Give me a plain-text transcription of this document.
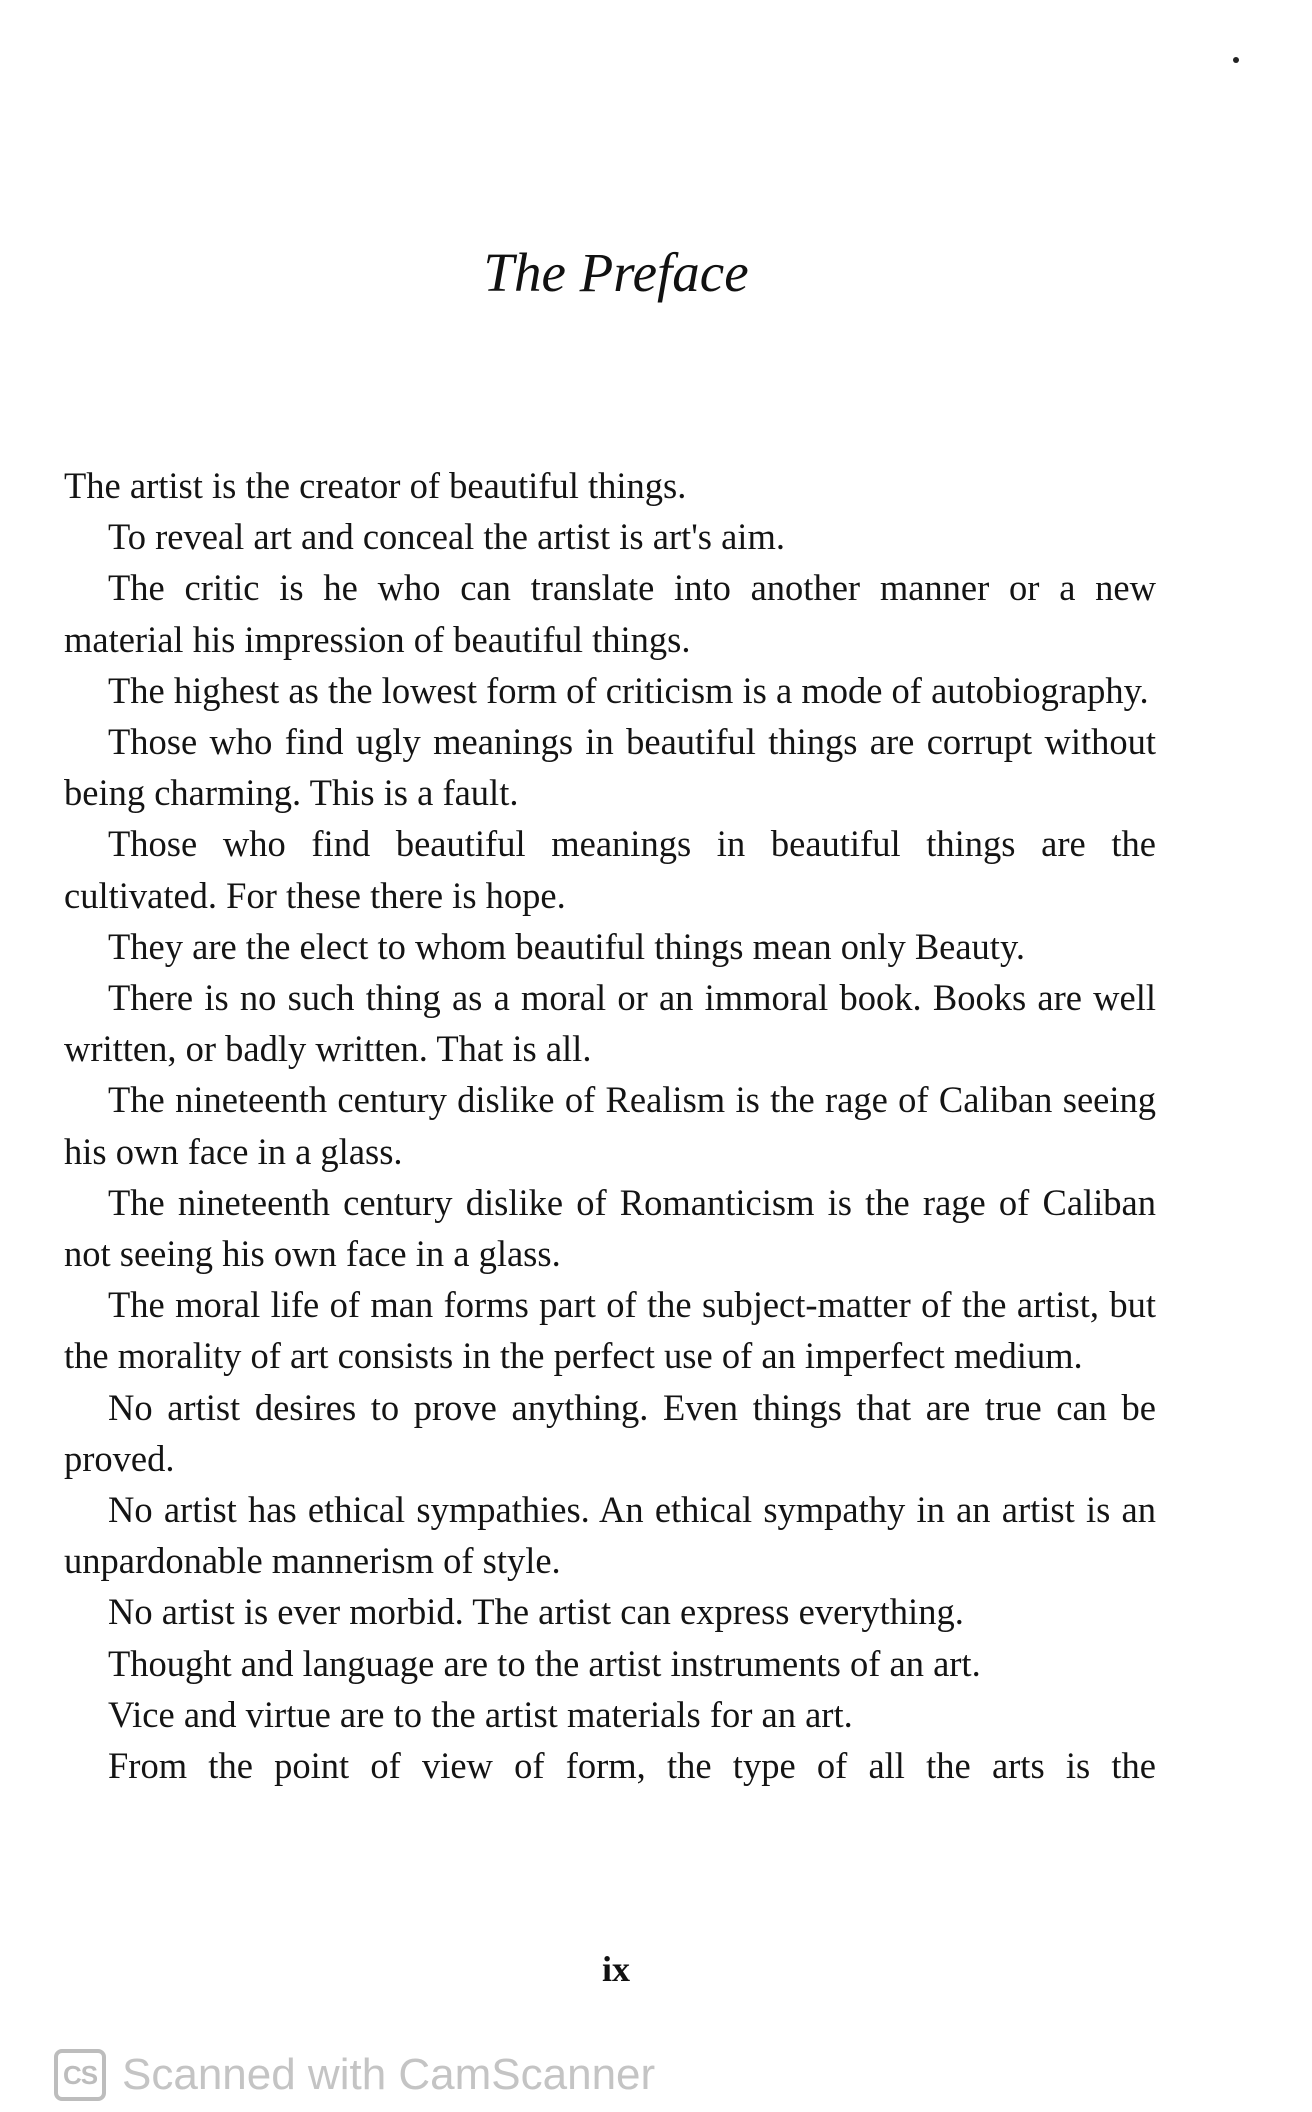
The Preface

The artist is the creator of beautiful things.

To reveal art and conceal the artist is art's aim.

The critic is he who can translate into another manner or a new material his impression of beautiful things.

The highest as the lowest form of criticism is a mode of autobiography.

Those who find ugly meanings in beautiful things are corrupt without being charming. This is a fault.

Those who find beautiful meanings in beautiful things are the cultivated. For these there is hope.

They are the elect to whom beautiful things mean only Beauty.

There is no such thing as a moral or an immoral book. Books are well written, or badly written. That is all.

The nineteenth century dislike of Realism is the rage of Caliban seeing his own face in a glass.

The nineteenth century dislike of Romanticism is the rage of Caliban not seeing his own face in a glass.

The moral life of man forms part of the subject-matter of the artist, but the morality of art consists in the perfect use of an imperfect medium.

No artist desires to prove anything. Even things that are true can be proved.

No artist has ethical sympathies. An ethical sympathy in an artist is an unpardonable mannerism of style.

No artist is ever morbid. The artist can express everything.

Thought and language are to the artist instruments of an art.

Vice and virtue are to the artist materials for an art.

From the point of view of form, the type of all the arts is the

ix
CS Scanned with CamScanner
